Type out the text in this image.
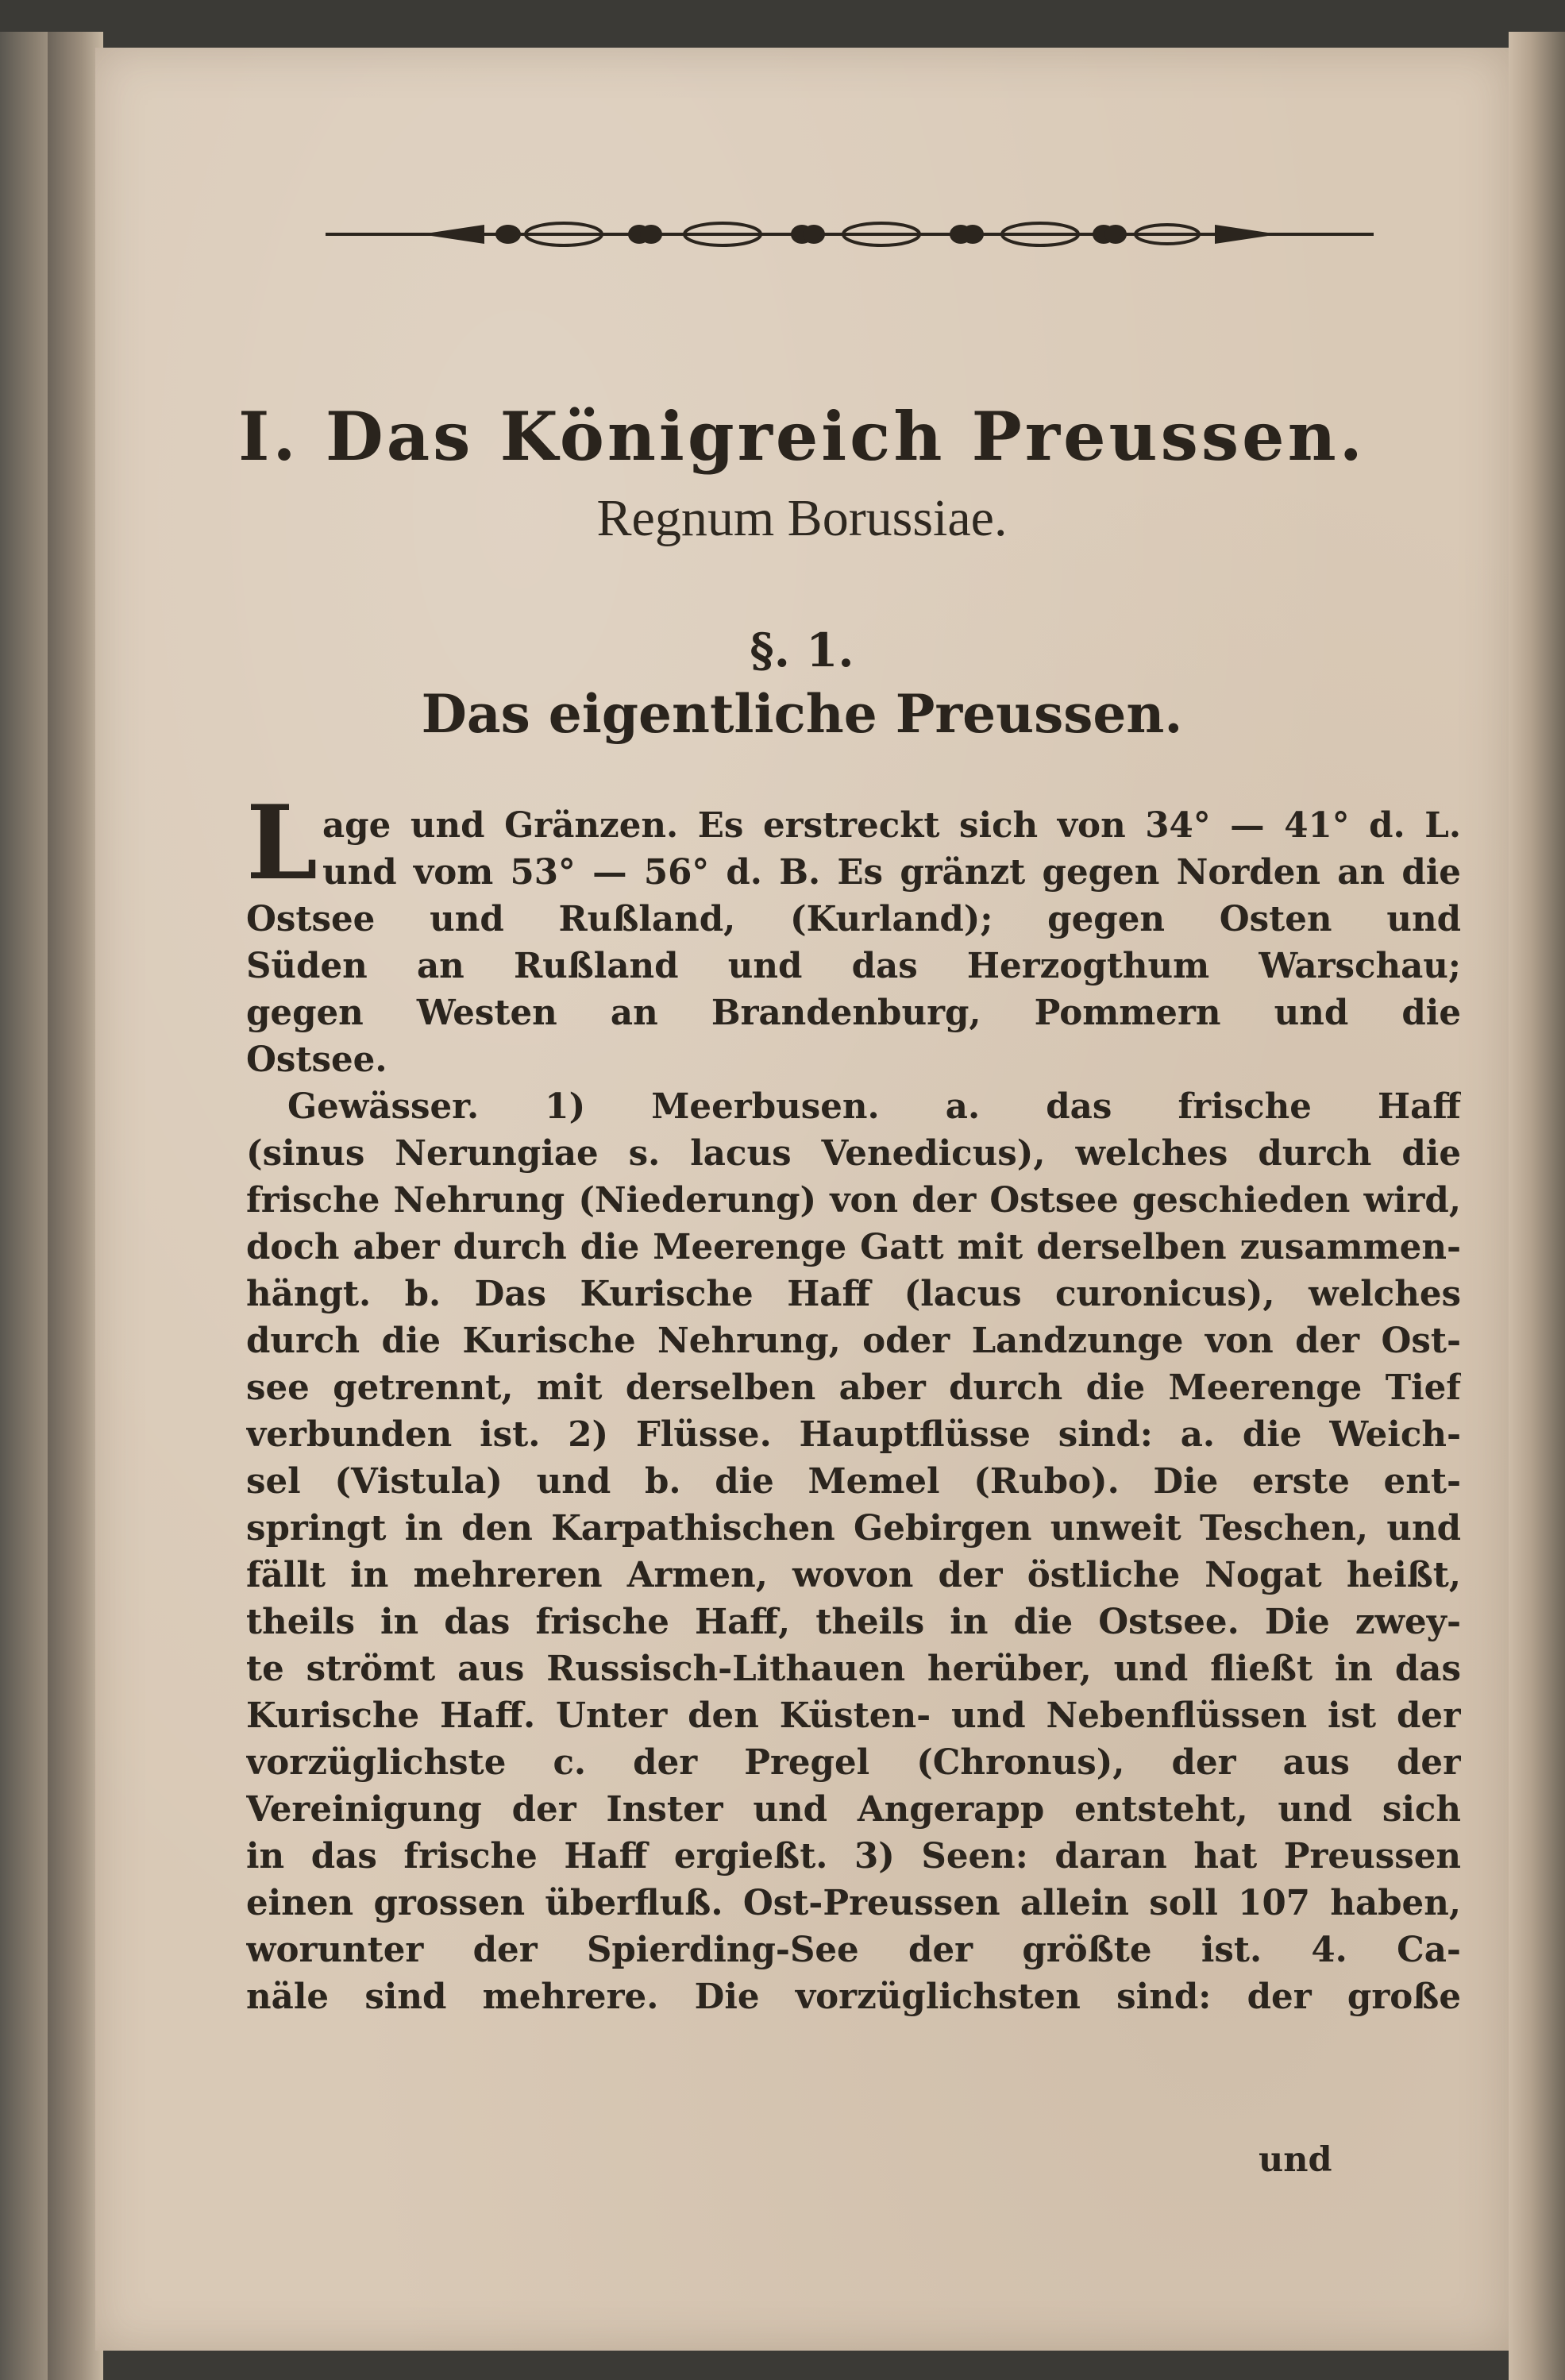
I. Das Königreich Preussen.
Regnum Borussiae.
§. 1.
Das eigentliche Preussen.
L age und Gränzen. Es erstreckt sich von 34° — 41° d. L.
und vom 53° — 56° d. B. Es gränzt gegen Norden an die
Ostsee und Rußland, (Kurland); gegen Osten und
Süden an Rußland und das Herzogthum Warschau;
gegen Westen an Brandenburg, Pommern und die
Ostsee.
Gewässer. 1) Meerbusen. a. das frische Haff
(sinus Nerungiae s. lacus Venedicus), welches durch die
frische Nehrung (Niederung) von der Ostsee geschieden wird,
doch aber durch die Meerenge Gatt mit derselben zusammen-
hängt. b. Das Kurische Haff (lacus curonicus), welches
durch die Kurische Nehrung, oder Landzunge von der Ost-
see getrennt, mit derselben aber durch die Meerenge Tief
verbunden ist. 2) Flüsse. Hauptflüsse sind: a. die Weich-
sel (Vistula) und b. die Memel (Rubo). Die erste ent-
springt in den Karpathischen Gebirgen unweit Teschen, und
fällt in mehreren Armen, wovon der östliche Nogat heißt,
theils in das frische Haff, theils in die Ostsee. Die zwey-
te strömt aus Russisch-Lithauen herüber, und fließt in das
Kurische Haff. Unter den Küsten- und Nebenflüssen ist der
vorzüglichste c. der Pregel (Chronus), der aus der
Vereinigung der Inster und Angerapp entsteht, und sich
in das frische Haff ergießt. 3) Seen: daran hat Preussen
einen grossen überfluß. Ost-Preussen allein soll 107 haben,
worunter der Spierding-See der größte ist. 4. Ca-
näle sind mehrere. Die vorzüglichsten sind: der große
und
